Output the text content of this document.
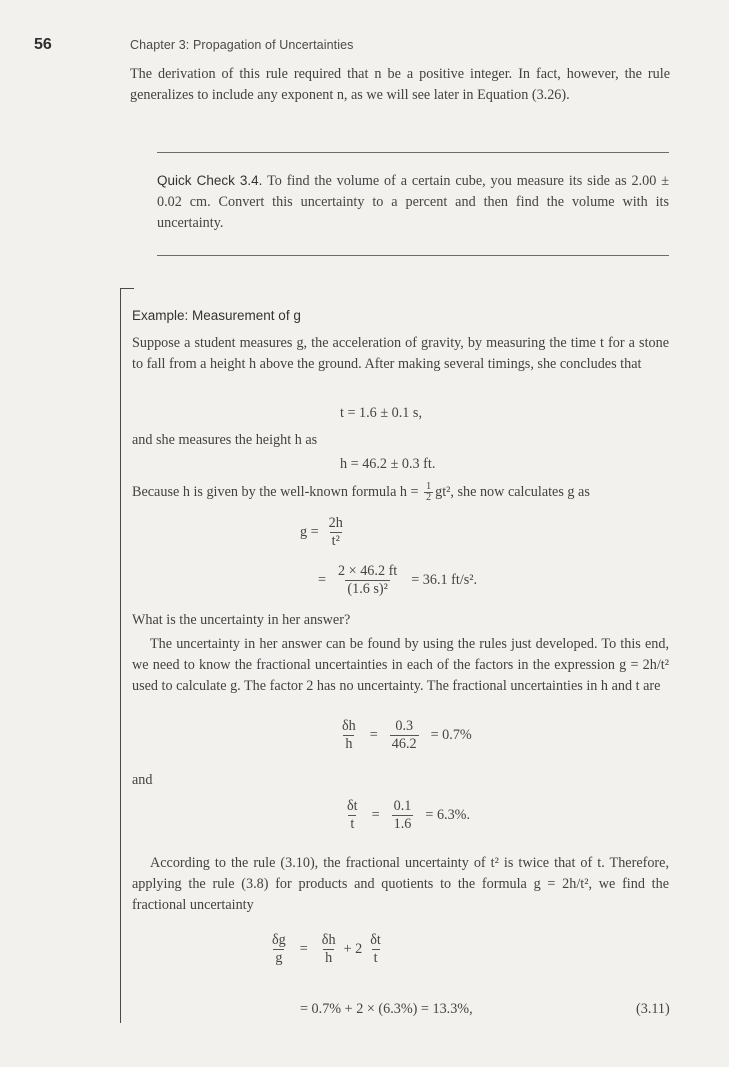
56	Chapter 3: Propagation of Uncertainties
The derivation of this rule required that n be a positive integer. In fact, however, the rule generalizes to include any exponent n, as we will see later in Equation (3.26).
Quick Check 3.4. To find the volume of a certain cube, you measure its side as 2.00 ± 0.02 cm. Convert this uncertainty to a percent and then find the volume with its uncertainty.
Example: Measurement of g
Suppose a student measures g, the acceleration of gravity, by measuring the time t for a stone to fall from a height h above the ground. After making several timings, she concludes that
t = 1.6 ± 0.1 s,
and she measures the height h as
h = 46.2 ± 0.3 ft.
Because h is given by the well-known formula $h = \frac{1}{2} gt^2$, she now calculates g as
$g = \frac{2h}{\text{t²}}$
= $\frac{2 \times 46.2 ft}{\text{(1.6 s)²}} = 36.1$ ft/s².
What is the uncertainty in her answer?
The uncertainty in her answer can be found by using the rules just developed. To this end, we need to know the fractional uncertainties in each of the factors in the expression g = 2h/t² used to calculate g. The factor 2 has no uncertainty. The fractional uncertainties in h and t are
$\frac{\delta h}{h} = \frac{0.3}{46.2} = 0.7\%$
and
$\frac{\delta t}{t} = \frac{0.1}{1.6} = 6.3\%$.
According to the rule (3.10), the fractional uncertainty of t² is twice that of t. Therefore, applying the rule (3.8) for products and quotients to the formula g = 2h/t², we find the fractional uncertainty
$\frac{\delta g}{g} = \frac{\delta h}{h} + 2 \frac{\delta t}{t}$
= 0.7% + 2 × (6.3%) = 13.3%,	(3.11)
